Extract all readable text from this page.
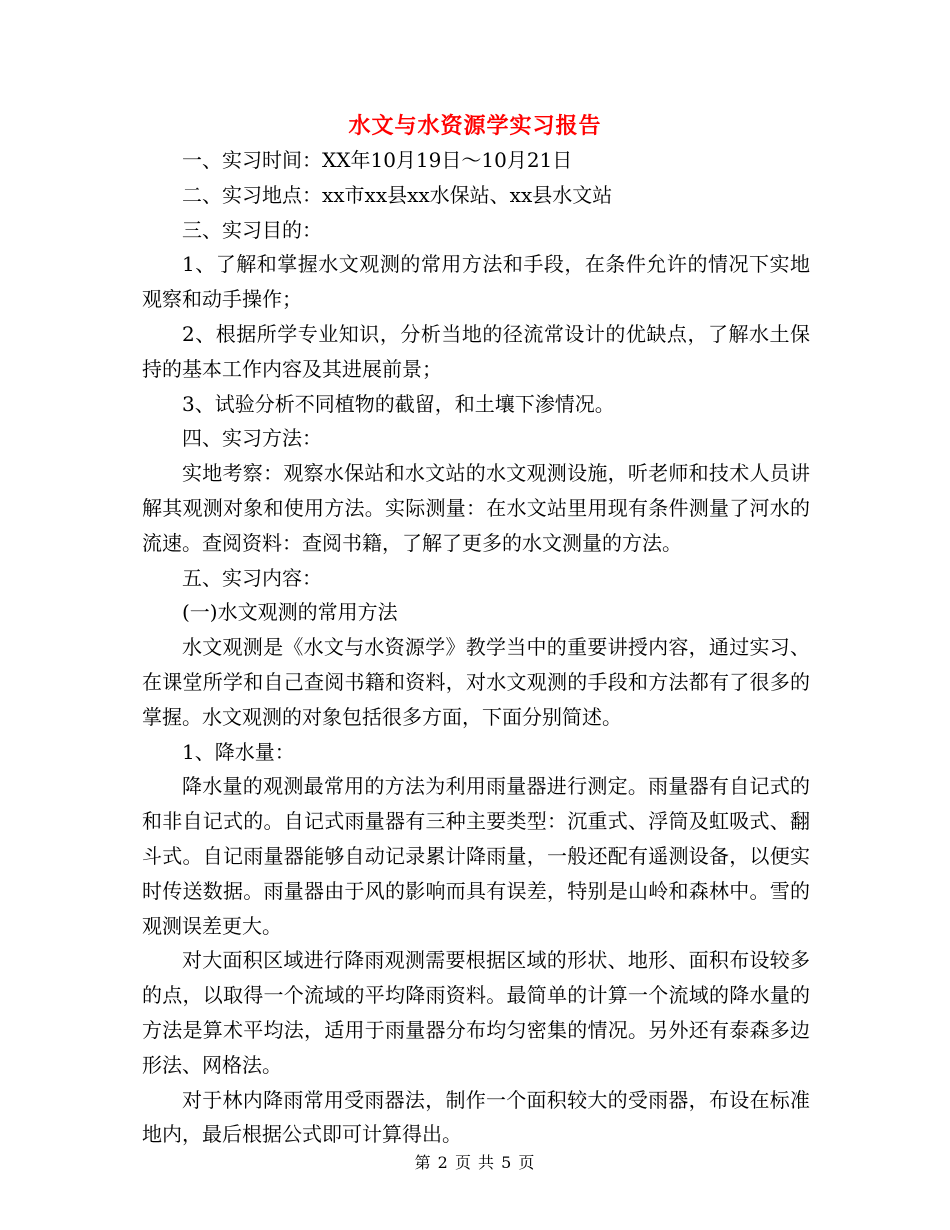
水文与水资源学实习报告

一、实习时间：XX年10月19日～10月21日

二、实习地点：xx市xx县xx水保站、xx县水文站

三、实习目的：

1、了解和掌握水文观测的常用方法和手段，在条件允许的情况下实地观察和动手操作；

2、根据所学专业知识，分析当地的径流常设计的优缺点，了解水土保持的基本工作内容及其进展前景；

3、试验分析不同植物的截留，和土壤下渗情况。

四、实习方法：

实地考察：观察水保站和水文站的水文观测设施，听老师和技术人员讲解其观测对象和使用方法。实际测量：在水文站里用现有条件测量了河水的流速。查阅资料：查阅书籍，了解了更多的水文测量的方法。

五、实习内容：

(一)水文观测的常用方法

水文观测是《水文与水资源学》教学当中的重要讲授内容，通过实习、在课堂所学和自己查阅书籍和资料，对水文观测的手段和方法都有了很多的掌握。水文观测的对象包括很多方面，下面分别简述。

1、降水量：

降水量的观测最常用的方法为利用雨量器进行测定。雨量器有自记式的和非自记式的。自记式雨量器有三种主要类型：沉重式、浮筒及虹吸式、翻斗式。自记雨量器能够自动记录累计降雨量，一般还配有遥测设备，以便实时传送数据。雨量器由于风的影响而具有误差，特别是山岭和森林中。雪的观测误差更大。

对大面积区域进行降雨观测需要根据区域的形状、地形、面积布设较多的点，以取得一个流域的平均降雨资料。最简单的计算一个流域的降水量的方法是算术平均法，适用于雨量器分布均匀密集的情况。另外还有泰森多边形法、网格法。

对于林内降雨常用受雨器法，制作一个面积较大的受雨器，布设在标准地内，最后根据公式即可计算得出。

第 2 页 共 5 页
